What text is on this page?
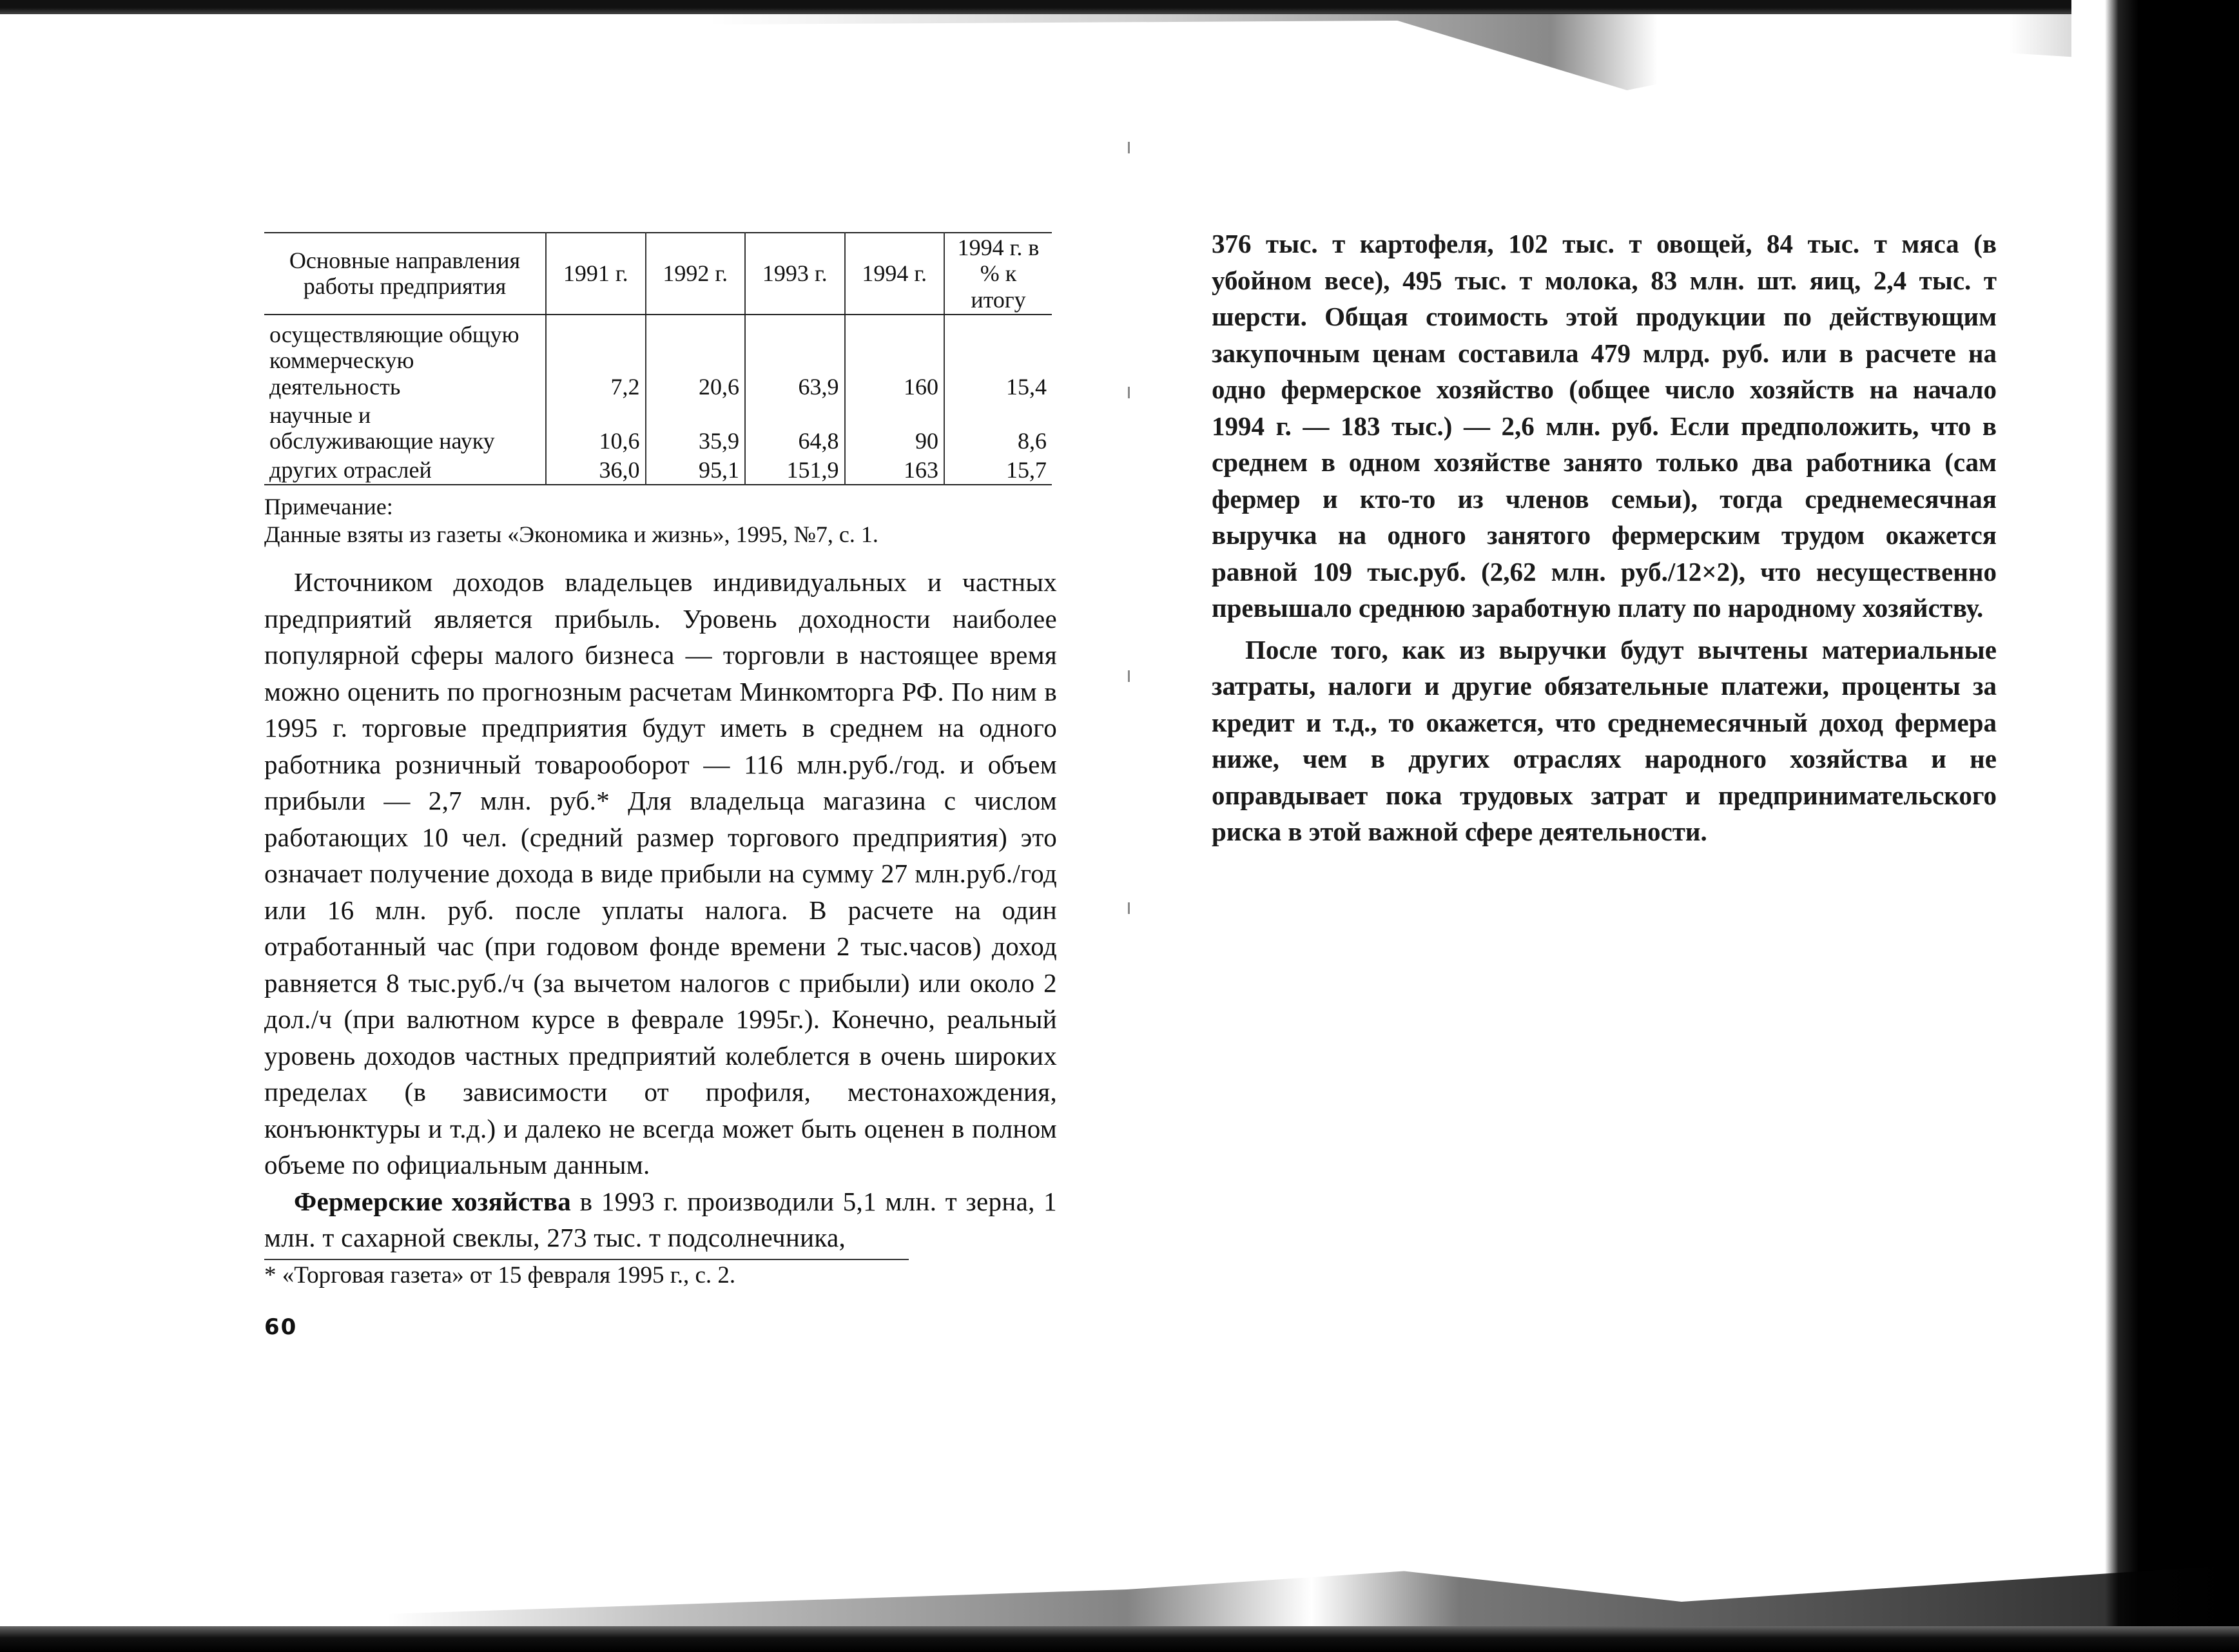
Основные направления работы предприятия	1991 г.	1992 г.	1993 г.	1994 г.	1994 г. в % к итогу
осуществляющие общую коммерческую деятельность	7,2	20,6	63,9	160	15,4
научные и обслуживающие науку	10,6	35,9	64,8	90	8,6
других отраслей	36,0	95,1	151,9	163	15,7
Примечание:
Данные взяты из газеты «Экономика и жизнь», 1995, №7, с. 1.

Источником доходов владельцев индивидуальных и частных предприятий является прибыль. Уровень доходности наиболее популярной сферы малого бизнеса — торговли в настоящее время можно оценить по прогнозным расчетам Минкомторга РФ. По ним в 1995 г. торговые предприятия будут иметь в среднем на одного работника розничный товарооборот — 116 млн.руб./год. и объем прибыли — 2,7 млн. руб.* Для владельца магазина с числом работающих 10 чел. (средний размер торгового предприятия) это означает получение дохода в виде прибыли на сумму 27 млн.руб./год или 16 млн. руб. после уплаты налога. В расчете на один отработанный час (при годовом фонде времени 2 тыс.часов) доход равняется 8 тыс.руб./ч (за вычетом налогов с прибыли) или около 2 дол./ч (при валютном курсе в феврале 1995г.). Конечно, реальный уровень доходов частных предприятий колеблется в очень широких пределах (в зависимости от профиля, местонахождения, конъюнктуры и т.д.) и далеко не всегда может быть оценен в полном объеме по официальным данным.

Фермерские хозяйства в 1993 г. производили 5,1 млн. т зерна, 1 млн. т сахарной свеклы, 273 тыс. т подсолнечника,

* «Торговая газета» от 15 февраля 1995 г., с. 2.
60

376 тыс. т картофеля, 102 тыс. т овощей, 84 тыс. т мяса (в убойном весе), 495 тыс. т молока, 83 млн. шт. яиц, 2,4 тыс. т шерсти. Общая стоимость этой продукции по действующим закупочным ценам составила 479 млрд. руб. или в расчете на одно фермерское хозяйство (общее число хозяйств на начало 1994 г. — 183 тыс.) — 2,6 млн. руб. Если предположить, что в среднем в одном хозяйстве занято только два работника (сам фермер и кто-то из членов семьи), тогда среднемесячная выручка на одного занятого фермерским трудом окажется равной 109 тыс.руб. (2,62 млн. руб./12×2), что несущественно превышало среднюю заработную плату по народному хозяйству.

После того, как из выручки будут вычтены материальные затраты, налоги и другие обязательные платежи, проценты за кредит и т.д., то окажется, что среднемесячный доход фермера ниже, чем в других отраслях народного хозяйства и не оправдывает пока трудовых затрат и предпринимательского риска в этой важной сфере деятельности.
